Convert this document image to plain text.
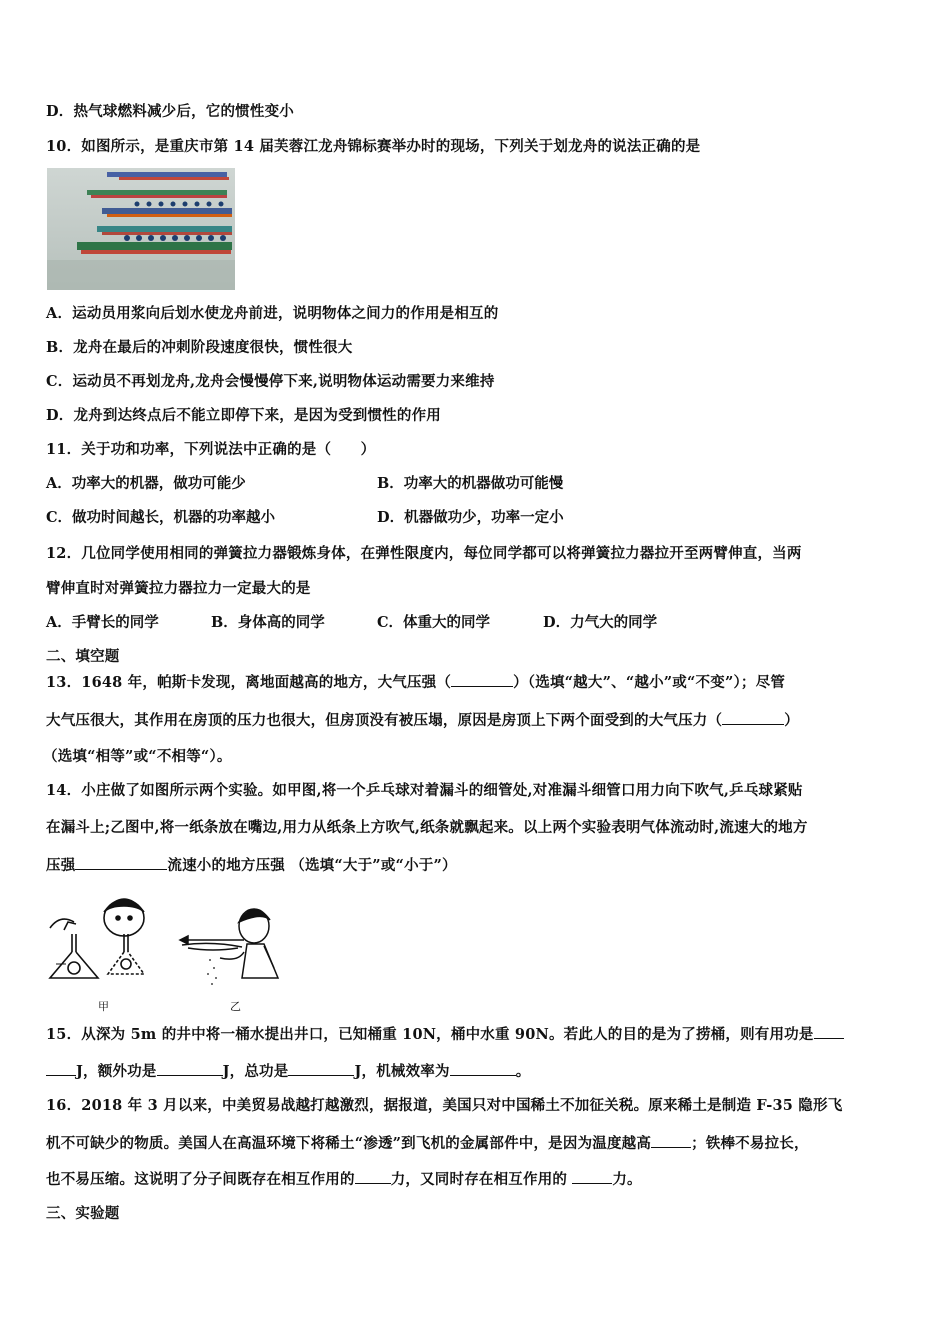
D．热气球燃料减少后，它的惯性变小
10．如图所示，是重庆市第 14 届芙蓉江龙舟锦标赛举办时的现场，下列关于划龙舟的说法正确的是
A．运动员用浆向后划水使龙舟前进，说明物体之间力的作用是相互的
B．龙舟在最后的冲刺阶段速度很快，惯性很大
C．运动员不再划龙舟,龙舟会慢慢停下来,说明物体运动需要力来维持
D．龙舟到达终点后不能立即停下来，是因为受到惯性的作用
11．关于功和功率，下列说法中正确的是（　　）
A．功率大的机器，做功可能少	B．功率大的机器做功可能慢
C．做功时间越长，机器的功率越小	D．机器做功少，功率一定小
12．几位同学使用相同的弹簧拉力器锻炼身体，在弹性限度内，每位同学都可以将弹簧拉力器拉开至两臂伸直，当两
臂伸直时对弹簧拉力器拉力一定最大的是
A．手臂长的同学	B．身体高的同学	C．体重大的同学	D．力气大的同学
二、填空题
13．1648 年，帕斯卡发现，离地面越高的地方，大气压强（	）（选填“越大”、“越小”或“不变”）；尽管
大气压很大，其作用在房顶的压力也很大，但房顶没有被压塌，原因是房顶上下两个面受到的大气压力（	）
（选填“相等”或“不相等“）。
14．小庄做了如图所示两个实验。如甲图,将一个乒乓球对着漏斗的细管处,对准漏斗细管口用力向下吹气,乒乓球紧贴
在漏斗上;乙图中,将一纸条放在嘴边,用力从纸条上方吹气,纸条就飘起来。以上两个实验表明气体流动时,流速大的地方
压强	流速小的地方压强 （选填“大于”或“小于”）
甲	乙
15．从深为 5m 的井中将一桶水提出井口，已知桶重 10N，桶中水重 90N。若此人的目的是为了捞桶，则有用功是
J，额外功是	J，总功是	J，机械效率为	。
16．2018 年 3 月以来，中美贸易战越打越激烈，据报道，美国只对中国稀土不加征关税。原来稀土是制造 F-35 隐形飞
机不可缺少的物质。美国人在高温环境下将稀土“渗透”到飞机的金属部件中，是因为温度越高	；铁棒不易拉长，
也不易压缩。这说明了分子间既存在相互作用的 力，又同时存在相互作用的	力。
三、实验题
